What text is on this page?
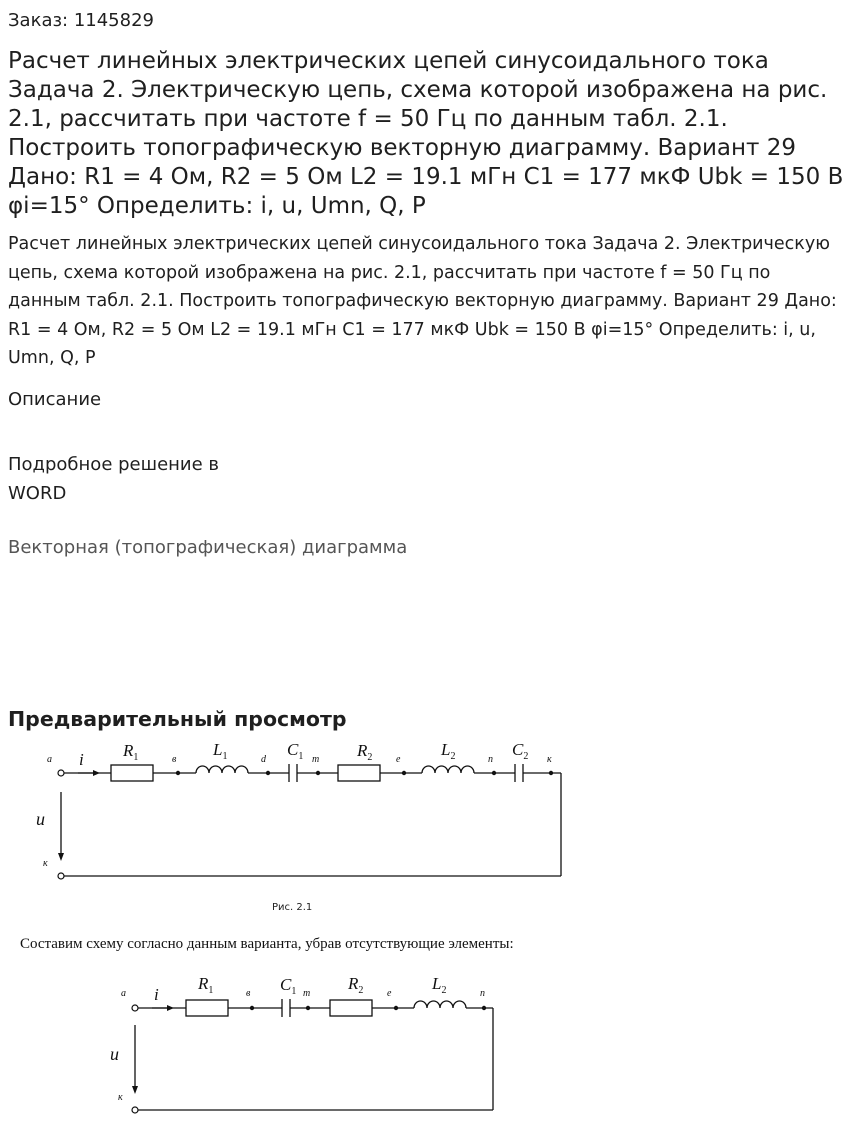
Заказ: 1145829
Расчет линейных электрических цепей синусоидального тока Задача 2. Электрическую цепь, схема которой изображена на рис. 2.1, рассчитать при частоте f = 50 Гц по данным табл. 2.1. Построить топографическую векторную диаграмму. Вариант 29 Дано: R1 = 4 Ом, R2 = 5 Ом L2 = 19.1 мГн C1 = 177 мкФ Ubk = 150 В φi=15° Определить: i, u, Umn, Q, P
Расчет линейных электрических цепей синусоидального тока Задача 2. Электрическую цепь, схема которой изображена на рис. 2.1, рассчитать при частоте f = 50 Гц по данным табл. 2.1. Построить топографическую векторную диаграмму. Вариант 29 Дано: R1 = 4 Ом, R2 = 5 Ом L2 = 19.1 мГн C1 = 177 мкФ Ubk = 150 В φi=15° Определить: i, u, Umn, Q, P
Описание
Подробное решение в
WORD
Векторная (топографическая) диаграмма
Предварительный просмотр
$R_1$	$L_1$	$C_1$	$R_2$	$L_2$	$C_2$
i
u
a	в	d	m	e	n	к
к
Рис. 2.1
Составим схему согласно данным варианта, убрав отсутствующие элементы:
$R_1$	$C_1$	$R_2$	$L_2$
i
u
a	в	m	e	n
к
